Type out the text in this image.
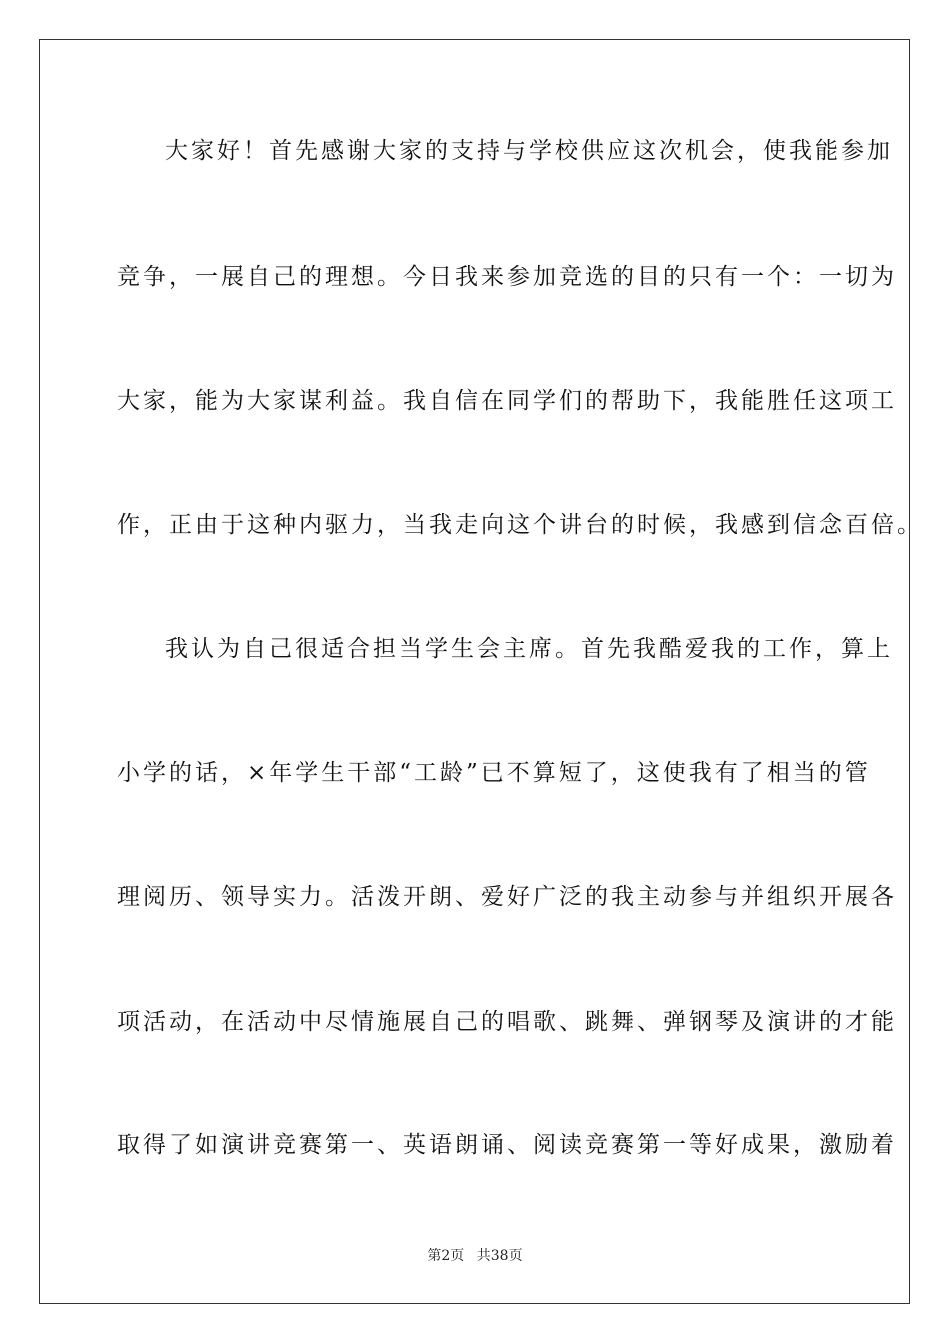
大家好！首先感谢大家的支持与学校供应这次机会，使我能参加
竞争，一展自己的理想。今日我来参加竞选的目的只有一个：一切为
大家，能为大家谋利益。我自信在同学们的帮助下，我能胜任这项工
作，正由于这种内驱力，当我走向这个讲台的时候，我感到信念百倍。
我认为自己很适合担当学生会主席。首先我酷爱我的工作，算上
小学的话，×年学生干部“工龄”已不算短了，这使我有了相当的管
理阅历、领导实力。活泼开朗、爱好广泛的我主动参与并组织开展各
项活动，在活动中尽情施展自己的唱歌、跳舞、弹钢琴及演讲的才能
取得了如演讲竞赛第一、英语朗诵、阅读竞赛第一等好成果，激励着
第2页 共38页
